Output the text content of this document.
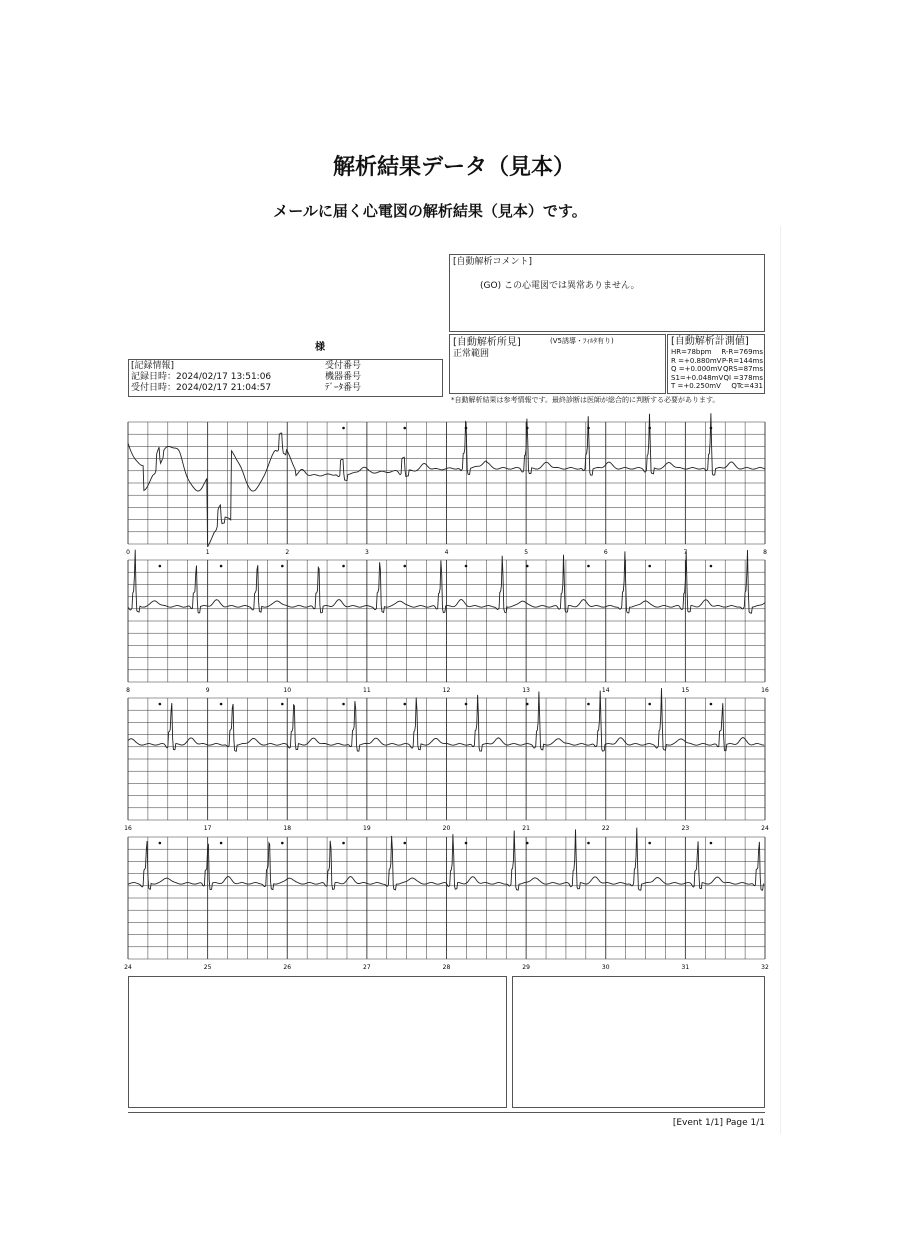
解析結果データ（見本）
メールに届く心電図の解析結果（見本）です。
[自動解析コメント]
(GO) この心電図では異常ありません。
[自動解析所見]	(V5誘導・ﾌｨﾙﾀ有り)
正常範囲
[自動解析計測値]
HR=78bpm R-R=769ms
R =+0.880mV P-R=144ms
Q =+0.000mV QRS=87ms
S1=+0.048mV QI =378ms
T =+0.250mV QTc=431
*自動解析結果は参考情報です。最終診断は医師が総合的に判断する必要があります。
様
[記録情報]
記録日時：2024/02/17 13:51:06
受付日時：2024/02/17 21:04:57
受付番号
機器番号
ﾃﾞｰﾀ番号
0	1	2	3	4	5	6	7	8
8	9	10	11	12	13	14	15	16
16	17	18	19	20	21	22	23	24
24	25	26	27	28	29	30	31	32
[Event 1/1] Page 1/1
